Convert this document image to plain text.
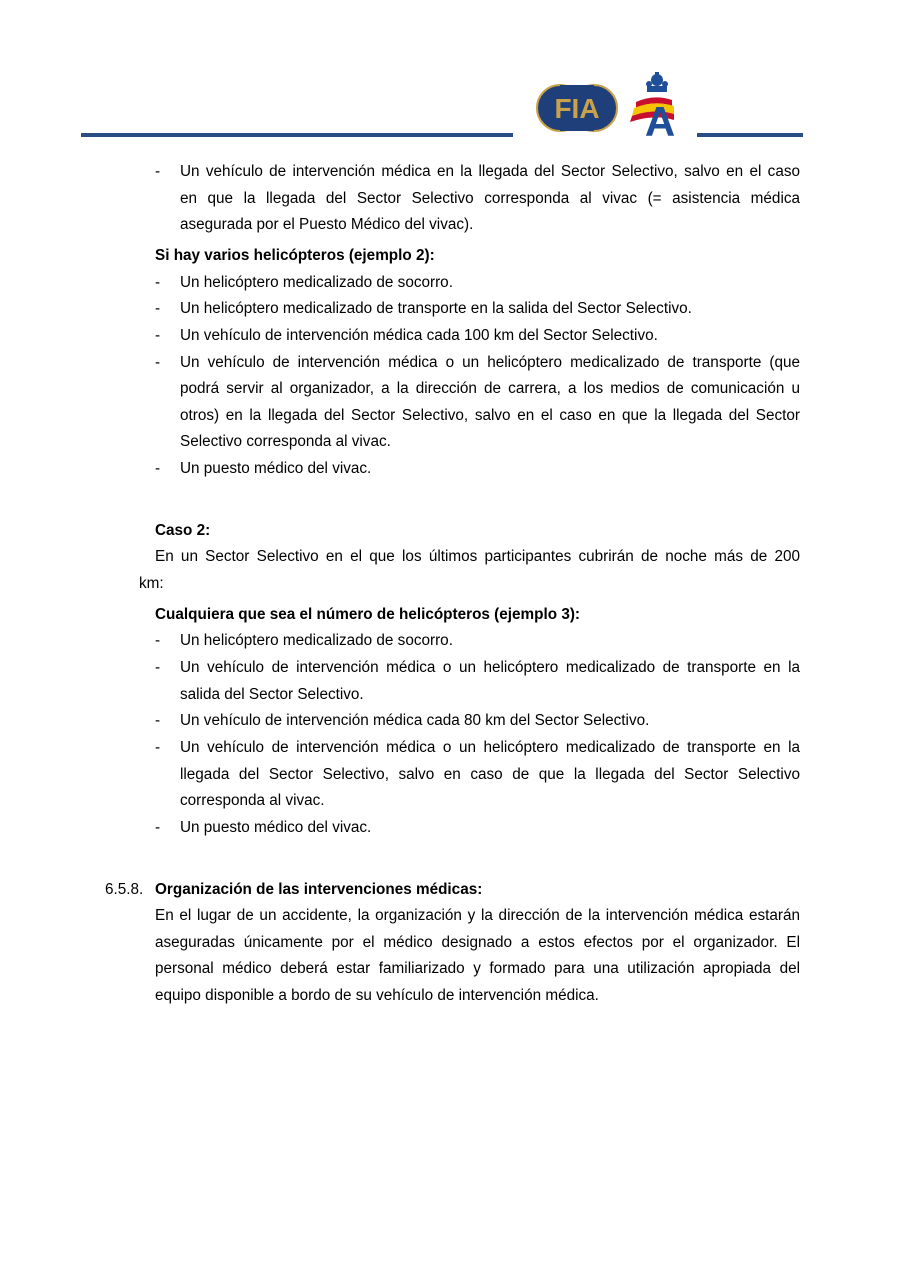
FIA A
- Un vehículo de intervención médica en la llegada del Sector Selectivo, salvo en el caso
en que la llegada del Sector Selectivo corresponda al vivac (= asistencia médica
asegurada por el Puesto Médico del vivac).
Si hay varios helicópteros (ejemplo 2):
- Un helicóptero medicalizado de socorro.
- Un helicóptero medicalizado de transporte en la salida del Sector Selectivo.
- Un vehículo de intervención médica cada 100 km del Sector Selectivo.
- Un vehículo de intervención médica o un helicóptero medicalizado de transporte (que
podrá servir al organizador, a la dirección de carrera, a los medios de comunicación u
otros) en la llegada del Sector Selectivo, salvo en el caso en que la llegada del Sector
Selectivo corresponda al vivac.
- Un puesto médico del vivac.
Caso 2:
En un Sector Selectivo en el que los últimos participantes cubrirán de noche más de 200
km:
Cualquiera que sea el número de helicópteros (ejemplo 3):
- Un helicóptero medicalizado de socorro.
- Un vehículo de intervención médica o un helicóptero medicalizado de transporte en la
salida del Sector Selectivo.
- Un vehículo de intervención médica cada 80 km del Sector Selectivo.
- Un vehículo de intervención médica o un helicóptero medicalizado de transporte en la
llegada del Sector Selectivo, salvo en caso de que la llegada del Sector Selectivo
corresponda al vivac.
- Un puesto médico del vivac.
6.5.8. Organización de las intervenciones médicas:
En el lugar de un accidente, la organización y la dirección de la intervención médica estarán
aseguradas únicamente por el médico designado a estos efectos por el organizador. El
personal médico deberá estar familiarizado y formado para una utilización apropiada del
equipo disponible a bordo de su vehículo de intervención médica.
